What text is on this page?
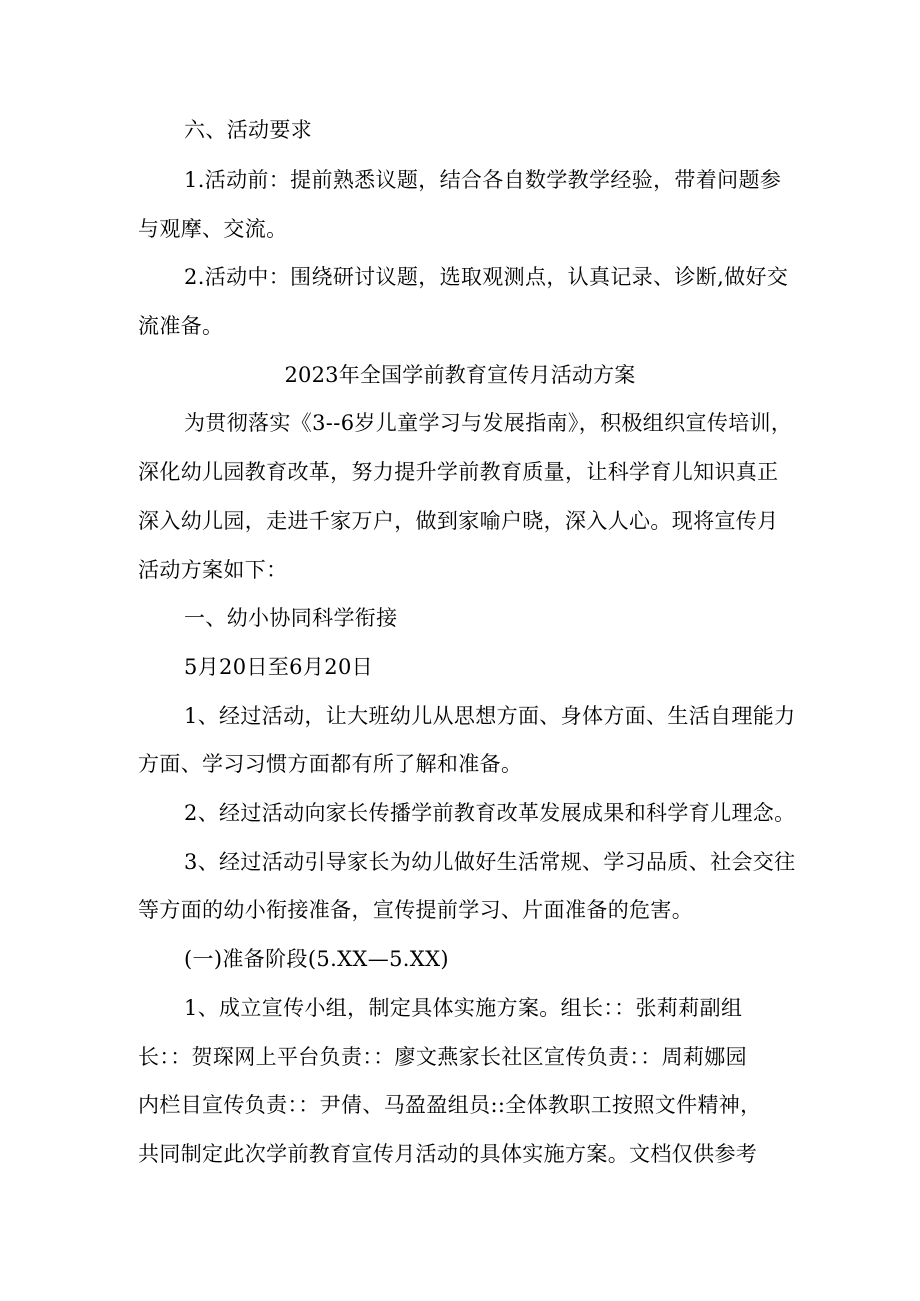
六、活动要求
1.活动前：提前熟悉议题，结合各自数学教学经验，带着问题参
与观摩、交流。
2.活动中：围绕研讨议题，选取观测点，认真记录、诊断,做好交
流准备。
2023年全国学前教育宣传月活动方案
为贯彻落实《3--6岁儿童学习与发展指南》，积极组织宣传培训，
深化幼儿园教育改革，努力提升学前教育质量，让科学育儿知识真正
深入幼儿园，走进千家万户，做到家喻户晓，深入人心。现将宣传月
活动方案如下：
一、幼小协同科学衔接
5月20日至6月20日
1、经过活动，让大班幼儿从思想方面、身体方面、生活自理能力
方面、学习习惯方面都有所了解和准备。
2、经过活动向家长传播学前教育改革发展成果和科学育儿理念。
3、经过活动引导家长为幼儿做好生活常规、学习品质、社会交往
等方面的幼小衔接准备，宣传提前学习、片面准备的危害。
(一)准备阶段(5.XX—5.XX)
1、成立宣传小组，制定具体实施方案。组长：：张莉莉副组
长：：贺琛网上平台负责：：廖文燕家长社区宣传负责：：周莉娜园
内栏目宣传负责：：尹倩、马盈盈组员::全体教职工按照文件精神，
共同制定此次学前教育宣传月活动的具体实施方案。文档仅供参考
